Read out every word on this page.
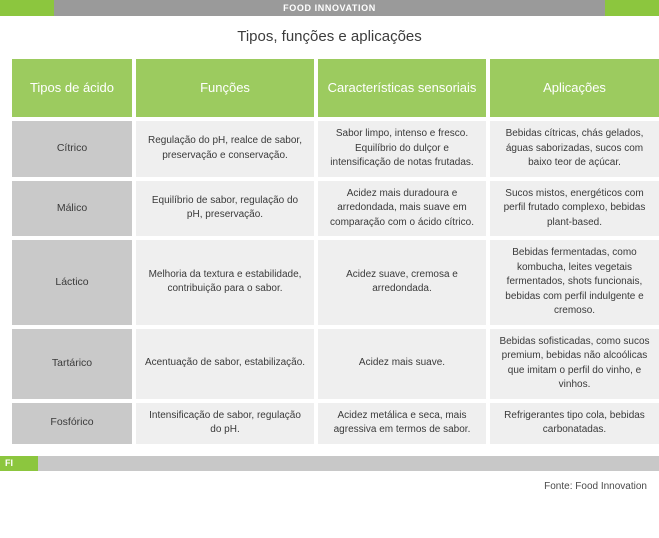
FOOD INNOVATION
Tipos, funções e aplicações
Tipos de ácido	Funções	Características sensoriais	Aplicações
Cítrico	Regulação do pH, realce de sabor, preservação e conservação.	Sabor limpo, intenso e fresco. Equilíbrio do dulçor e intensificação de notas frutadas.	Bebidas cítricas, chás gelados, águas saborizadas, sucos com baixo teor de açúcar.
Málico	Equilíbrio de sabor, regulação do pH, preservação.	Acidez mais duradoura e arredondada, mais suave em comparação com o ácido cítrico.	Sucos mistos, energéticos com perfil frutado complexo, bebidas plant-based.
Láctico	Melhoria da textura e estabilidade, contribuição para o sabor.	Acidez suave, cremosa e arredondada.	Bebidas fermentadas, como kombucha, leites vegetais fermentados, shots funcionais, bebidas com perfil indulgente e cremoso.
Tartárico	Acentuação de sabor, estabilização.	Acidez mais suave.	Bebidas sofisticadas, como sucos premium, bebidas não alcoólicas que imitam o perfil do vinho, e vinhos.
Fosfórico	Intensificação de sabor, regulação do pH.	Acidez metálica e seca, mais agressiva em termos de sabor.	Refrigerantes tipo cola, bebidas carbonatadas.
FI
Fonte: Food Innovation
